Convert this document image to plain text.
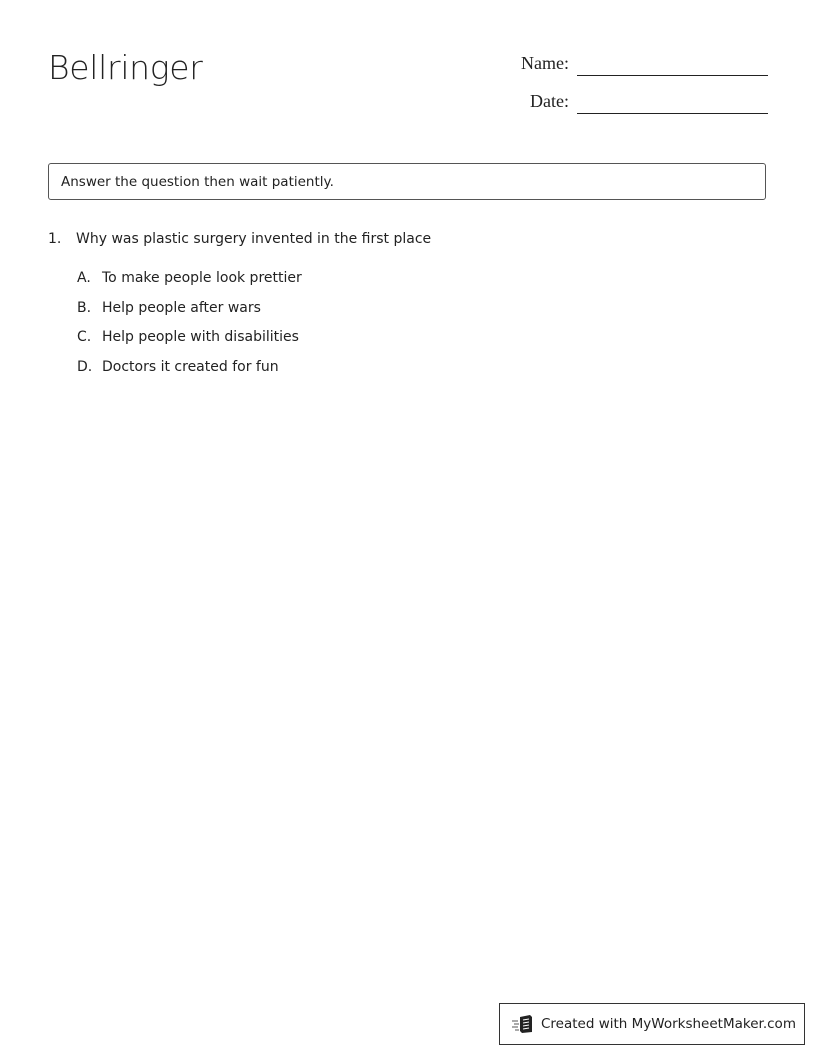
Bellringer	Name:
Date:
Answer the question then wait patiently.
1. Why was plastic surgery invented in the first place
A. To make people look prettier
B. Help people after wars
C. Help people with disabilities
D. Doctors it created for fun
Created with MyWorksheetMaker.com
